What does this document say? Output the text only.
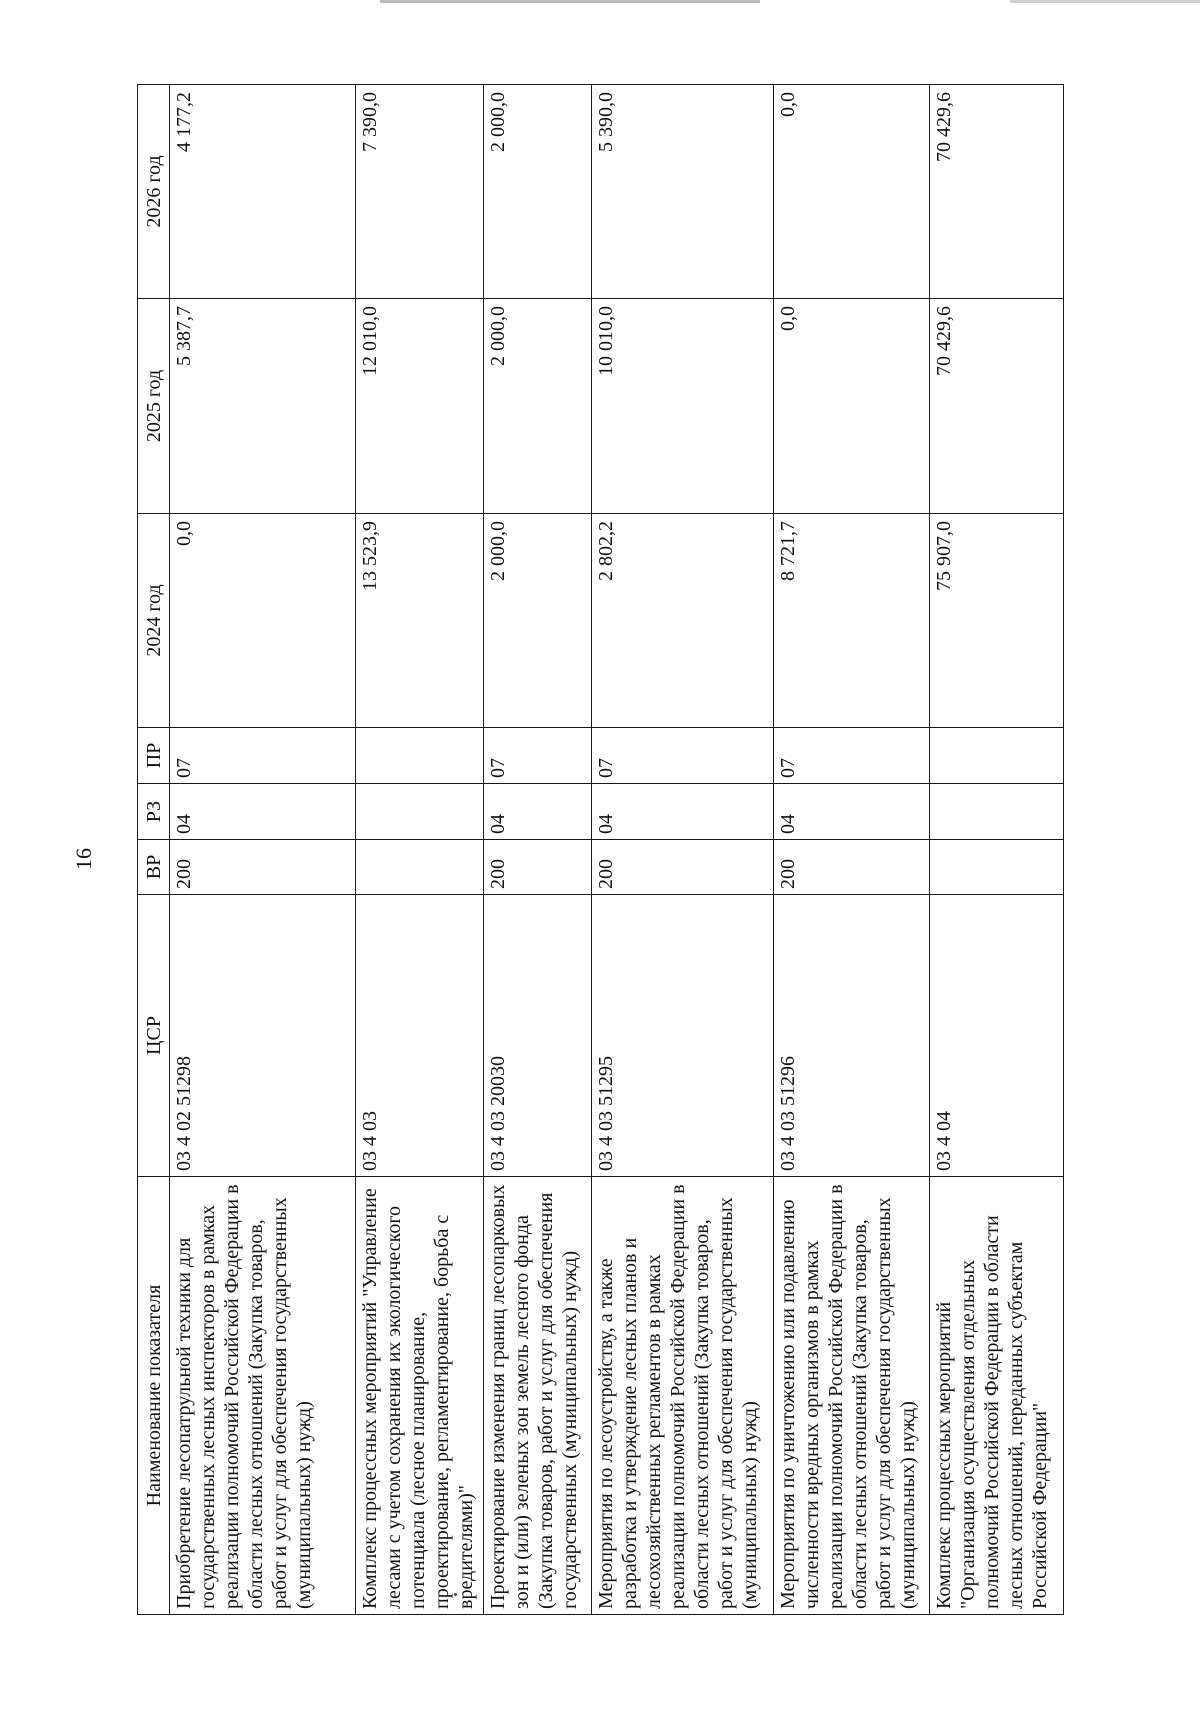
16
Наименование показателя	ЦСР	ВР	РЗ	ПР	2024 год	2025 год	2026 год
Приобретение лесопатрульной техники для государственных лесных инспекторов в рамках реализации полномочий Российской Федерации в области лесных отношений (Закупка товаров, работ и услуг для обеспечения государственных (муниципальных) нужд)	03 4 02 51298	200	04	07	0,0	5 387,7	4 177,2
Комплекс процессных мероприятий "Управление лесами с учетом сохранения их экологического потенциала (лесное планирование, проектирование, регламентирование, борьба с вредителями)"	03 4 03				13 523,9	12 010,0	7 390,0
Проектирование изменения границ лесопарковых зон и (или) зеленых зон земель лесного фонда (Закупка товаров, работ и услуг для обеспечения государственных (муниципальных) нужд)	03 4 03 20030	200	04	07	2 000,0	2 000,0	2 000,0
Мероприятия по лесоустройству, а также разработка и утверждение лесных планов и лесохозяйственных регламентов в рамках реализации полномочий Российской Федерации в области лесных отношений (Закупка товаров, работ и услуг для обеспечения государственных (муниципальных) нужд)	03 4 03 51295	200	04	07	2 802,2	10 010,0	5 390,0
Мероприятия по уничтожению или подавлению численности вредных организмов в рамках реализации полномочий Российской Федерации в области лесных отношений (Закупка товаров, работ и услуг для обеспечения государственных (муниципальных) нужд)	03 4 03 51296	200	04	07	8 721,7	0,0	0,0
Комплекс процессных мероприятий "Организация осуществления отдельных полномочий Российской Федерации в области лесных отношений, переданных субъектам Российской Федерации"	03 4 04				75 907,0	70 429,6	70 429,6
